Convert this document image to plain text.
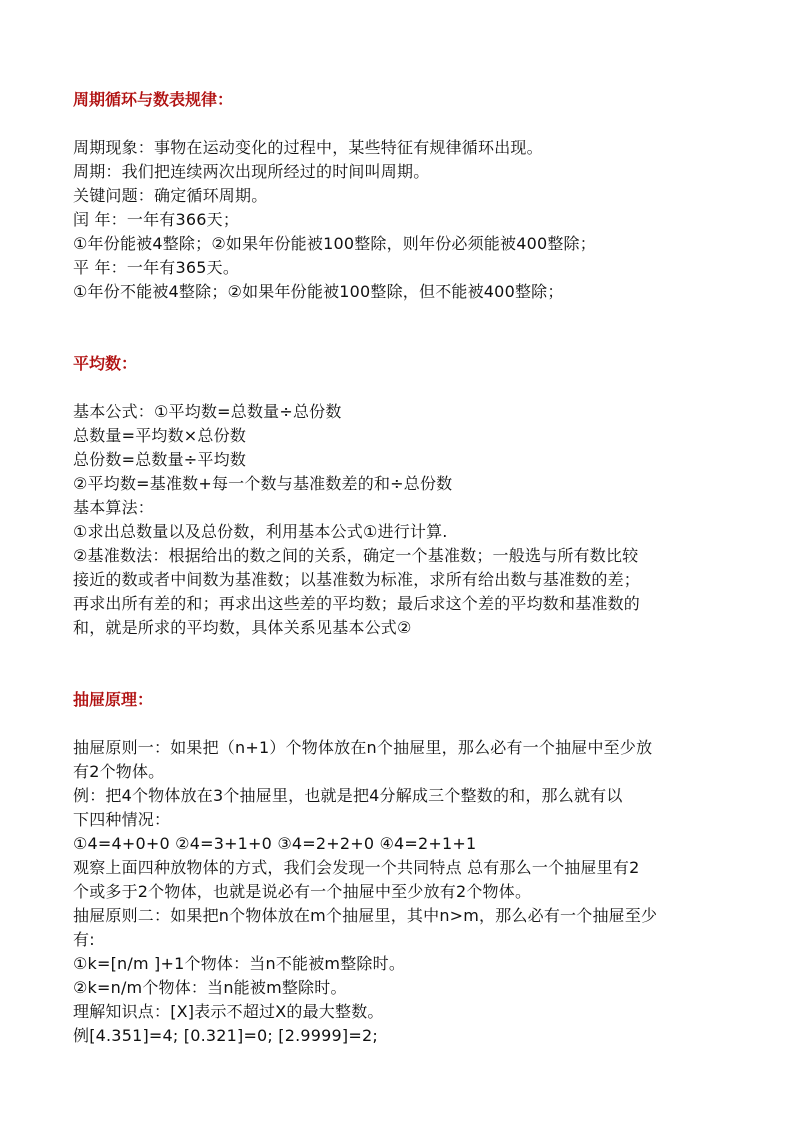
周期循环与数表规律：

周期现象：事物在运动变化的过程中，某些特征有规律循环出现。

周期：我们把连续两次出现所经过的时间叫周期。

关键问题：确定循环周期。

闰 年：一年有366天；

①年份能被4整除；②如果年份能被100整除，则年份必须能被400整除；

平 年：一年有365天。

①年份不能被4整除；②如果年份能被100整除，但不能被400整除；

平均数：

基本公式：①平均数=总数量÷总份数

总数量=平均数×总份数

总份数=总数量÷平均数

②平均数=基准数+每一个数与基准数差的和÷总份数

基本算法：

①求出总数量以及总份数，利用基本公式①进行计算.

②基准数法：根据给出的数之间的关系，确定一个基准数；一般选与所有数比较

接近的数或者中间数为基准数；以基准数为标准，求所有给出数与基准数的差；

再求出所有差的和；再求出这些差的平均数；最后求这个差的平均数和基准数的

和，就是所求的平均数，具体关系见基本公式②

抽屉原理：

抽屉原则一：如果把（n+1）个物体放在n个抽屉里，那么必有一个抽屉中至少放

有2个物体。

例：把4个物体放在3个抽屉里，也就是把4分解成三个整数的和，那么就有以

下四种情况：

①4=4+0+0 ②4=3+1+0 ③4=2+2+0 ④4=2+1+1

观察上面四种放物体的方式，我们会发现一个共同特点 总有那么一个抽屉里有2

个或多于2个物体，也就是说必有一个抽屉中至少放有2个物体。

抽屉原则二：如果把n个物体放在m个抽屉里，其中n>m，那么必有一个抽屉至少

有:

①k=[n/m ]+1个物体：当n不能被m整除时。

②k=n/m个物体：当n能被m整除时。

理解知识点：[X]表示不超过X的最大整数。

例[4.351]=4; [0.321]=0; [2.9999]=2;
